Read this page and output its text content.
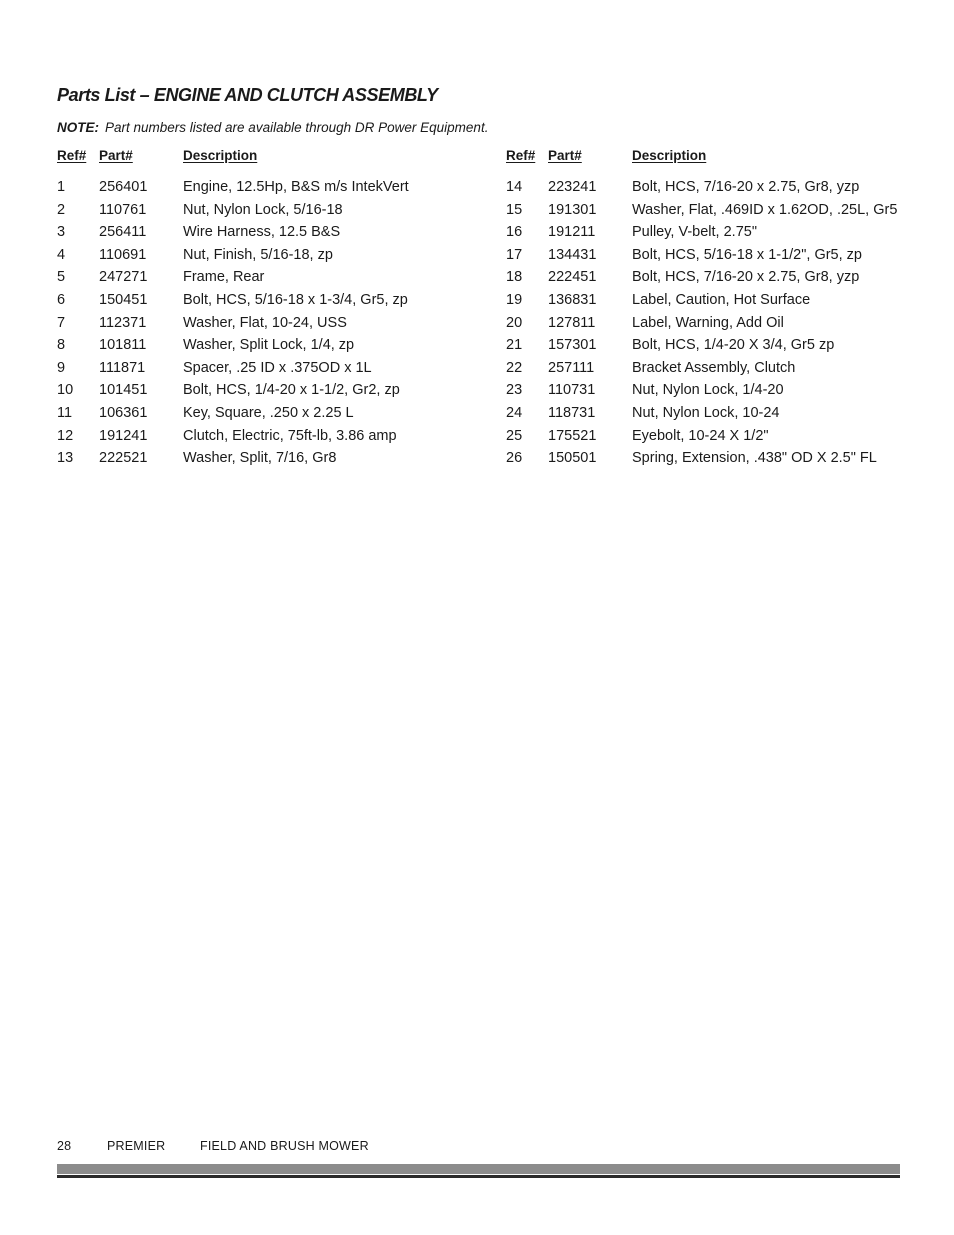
Parts List – ENGINE AND CLUTCH ASSEMBLY
NOTE: Part numbers listed are available through DR Power Equipment.
Ref# Part#	Description
1 256401 Engine, 12.5Hp, B&S m/s IntekVert
2 110761	Nut, Nylon Lock, 5/16-18
3 256411	Wire Harness, 12.5 B&S
4 110691	Nut, Finish, 5/16-18, zp
5 247271 Frame, Rear
6 150451 Bolt, HCS, 5/16-18 x 1-3/4, Gr5, zp
7 112371	Washer, Flat, 10-24, USS
8 101811	Washer, Split Lock, 1/4, zp
9 111871	Spacer, .25 ID x .375OD x 1L
10 101451 Bolt, HCS, 1/4-20 x 1-1/2, Gr2, zp
11 106361 Key, Square, .250 x 2.25 L
12 191241 Clutch, Electric, 75ft-lb, 3.86 amp
13 222521 Washer, Split, 7/16, Gr8
Ref# Part#	Description
14 223241 Bolt, HCS, 7/16-20 x 2.75, Gr8, yzp
15 191301 Washer, Flat, .469ID x 1.62OD, .25L, Gr5
16 191211	Pulley, V-belt, 2.75"
17 134431 Bolt, HCS, 5/16-18 x 1-1/2", Gr5, zp
18 222451 Bolt, HCS, 7/16-20 x 2.75, Gr8, yzp
19 136831 Label, Caution, Hot Surface
20 127811	Label, Warning, Add Oil
21 157301 Bolt, HCS, 1/4-20 X 3/4, Gr5 zp
22 257111	Bracket Assembly, Clutch
23 110731	Nut, Nylon Lock, 1/4-20
24 118731	Nut, Nylon Lock, 10-24
25 175521 Eyebolt, 10-24 X 1/2"
26 150501 Spring, Extension, .438" OD X 2.5" FL
28	PREMIER	FIELD AND BRUSH MOWER
